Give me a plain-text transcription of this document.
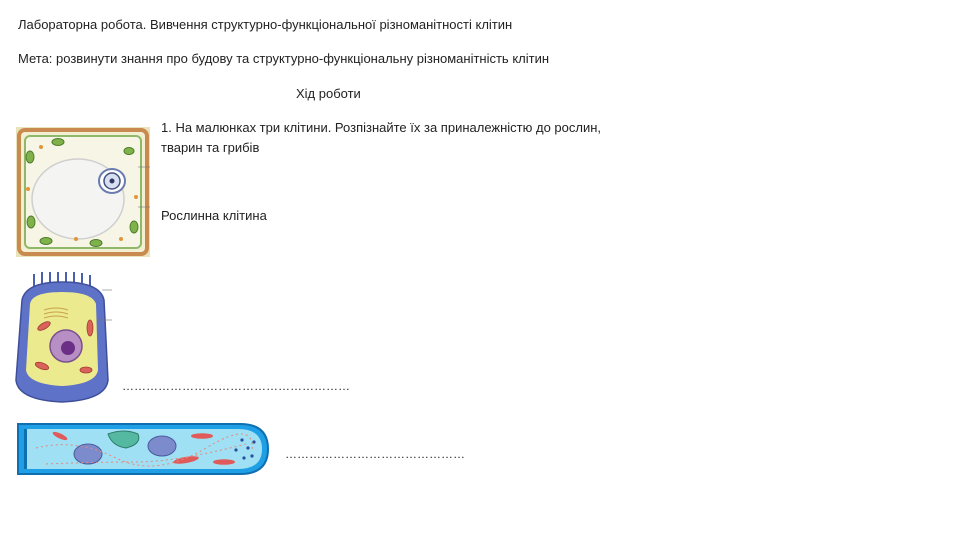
Лабораторна робота. Вивчення структурно-функціональної різноманітності клітин
Мета: розвинути знання про будову та структурно-функціональну різноманітність клітин
Хід роботи
1. На малюнках три клітини. Розпізнайте їх за приналежністю до рослин, тварин та грибів
Рослинна клітина
…………………………………………………
………………………………………
